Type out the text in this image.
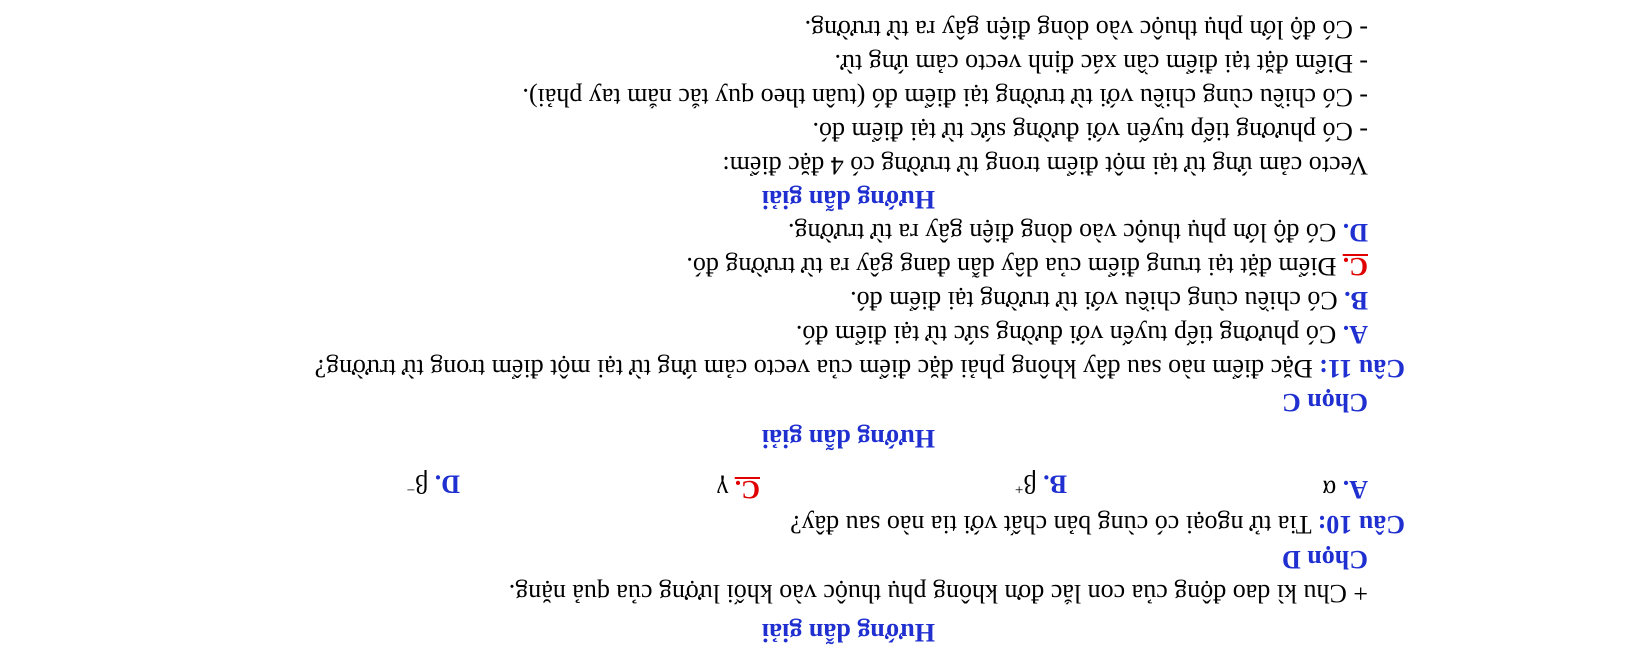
Hướng dẫn giải
+ Chu kì dao động của con lắc đơn không phụ thuộc vào khối lượng của quả nặng.
Chọn D
Câu 10: Tia tử ngoại có cùng bản chất với tia nào sau đây?
A. α
B. β+
C. γ
D. β−
Hướng dẫn giải
Chọn C
Câu 11: Đặc điểm nào sau đây không phải đặc điểm của vecto cảm ứng từ tại một điểm trong từ trường?
A. Có phương tiếp tuyến với đường sức từ tại điểm đó.
B. Có chiều cùng chiều với từ trường tại điểm đó.
C. Điểm đặt tại trung điểm của dây dẫn đang gây ra từ trường đó.
D. Có độ lớn phụ thuộc vào dòng điện gây ra từ trường.
Hướng dẫn giải
Vecto cảm ứng từ tại một điểm trong từ trường có 4 đặc điểm:
- Có phương tiếp tuyến với đường sức từ tại điểm đó.
- Có chiều cùng chiều với từ trường tại điểm đó (tuân theo quy tắc nắm tay phải).
- Điểm đặt tại điểm cần xác định vecto cảm ứng từ.
- Có độ lớn phụ thuộc vào dòng điện gây ra từ trường.
